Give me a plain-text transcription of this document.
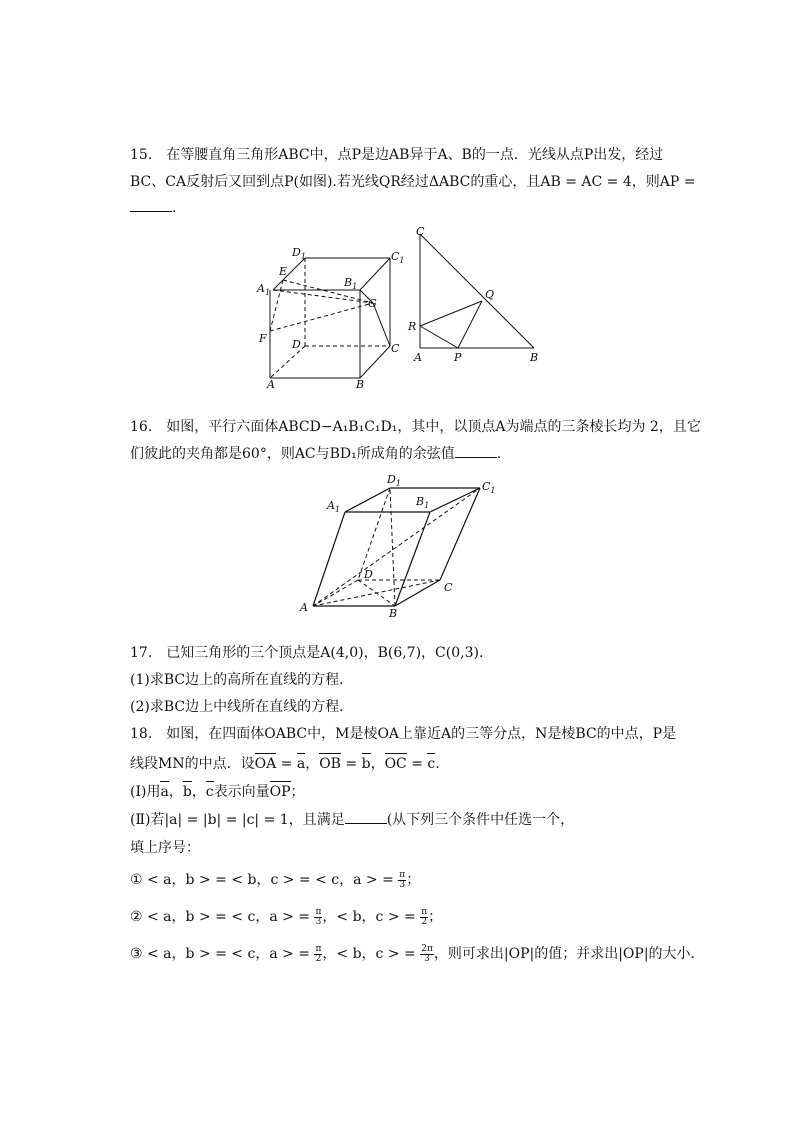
15.　在等腰直角三角形ABC中，点P是边AB异于A、B的一点．光线从点P出发，经过
BC、CA反射后又回到点P(如图).若光线QR经过ΔABC的重心，且AB = AC = 4，则AP =
.
$D_1$	$C_1$
E
$A_1$
$B_1$
G
F D	C
A	B
C
Q
R
A	P	B
16.　如图，平行六面体ABCD−A₁B₁C₁D₁，其中，以顶点A为端点的三条棱长均为 2，且它
们彼此的夹角都是60°，则AC与BD₁所成角的余弦值	.
$D_1$
$A_1$
$B_1$
$C_1$
D
C
A	B
17.　已知三角形的三个顶点是A(4,0)，B(6,7)，C(0,3).
(1)求BC边上的高所在直线的方程．
(2)求BC边上中线所在直线的方程．
18.　如图，在四面体OABC中，M是棱OA上靠近A的三等分点，N是棱BC的中点，P是
线段MN的中点．设OA = a，OB = b，OC = c.
(Ⅰ)用a，b，c表示向量OP；
(Ⅱ)若|a| = |b| = |c| = 1，且满足	(从下列三个条件中任选一个，
填上序号：
① < a，b > = < b，c > = < c，a > = $\frac{\pi}{3}$ ；
② < a，b > = < c，a > = $\frac{\pi}{3}$ ，< b，c > = $\frac{\pi}{2}$ ；
③ < a，b > = < c，a > = $\frac{\pi}{2}$ ，< b，c > = $\frac{2\pi}{3}$ ，则可求出|OP|的值；并求出|OP|的大小．
